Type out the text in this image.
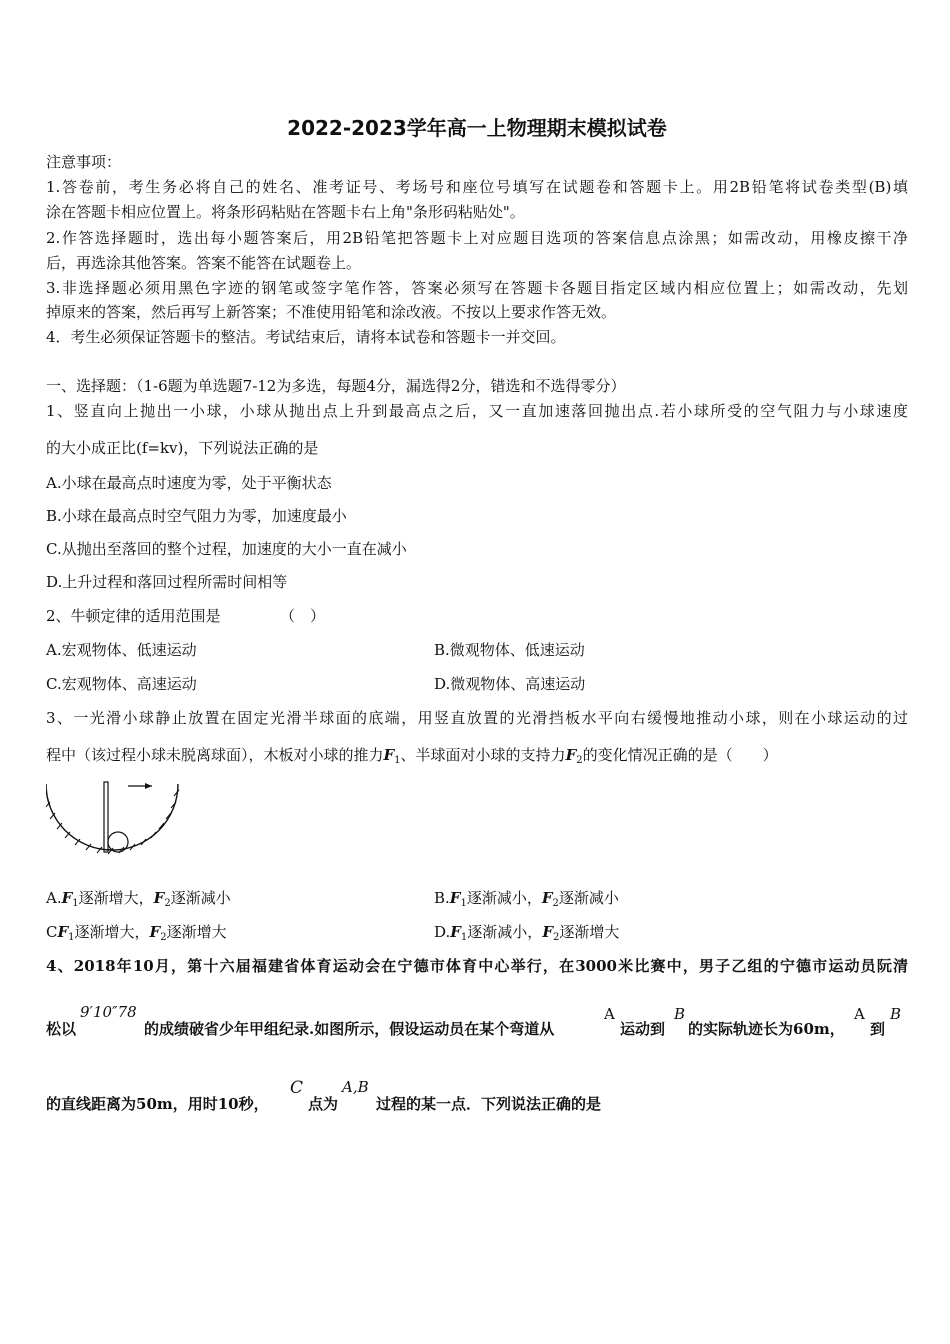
2022-2023学年高一上物理期末模拟试卷
注意事项：
1.答卷前，考生务必将自己的姓名、准考证号、考场号和座位号填写在试题卷和答题卡上。用2B铅笔将试卷类型(B)填
涂在答题卡相应位置上。将条形码粘贴在答题卡右上角"条形码粘贴处"。
2.作答选择题时，选出每小题答案后，用2B铅笔把答题卡上对应题目选项的答案信息点涂黑；如需改动，用橡皮擦干净
后，再选涂其他答案。答案不能答在试题卷上。
3.非选择题必须用黑色字迹的钢笔或签字笔作答，答案必须写在答题卡各题目指定区域内相应位置上；如需改动，先划
掉原来的答案，然后再写上新答案；不准使用铅笔和涂改液。不按以上要求作答无效。
4．考生必须保证答题卡的整洁。考试结束后，请将本试卷和答题卡一并交回。
一、选择题：（1-6题为单选题7-12为多选，每题4分，漏选得2分，错选和不选得零分）
1、竖直向上抛出一小球，小球从抛出点上升到最高点之后，又一直加速落回抛出点.若小球所受的空气阻力与小球速度
的大小成正比(f=kv)，下列说法正确的是
A.小球在最高点时速度为零，处于平衡状态
B.小球在最高点时空气阻力为零，加速度最小
C.从抛出至落回的整个过程，加速度的大小一直在减小
D.上升过程和落回过程所需时间相等
2、牛顿定律的适用范围是	（　）
A.宏观物体、低速运动	B.微观物体、低速运动
C.宏观物体、高速运动	D.微观物体、高速运动
3、一光滑小球静止放置在固定光滑半球面的底端，用竖直放置的光滑挡板水平向右缓慢地推动小球，则在小球运动的过
程中（该过程小球未脱离球面），木板对小球的推力$F_1$、半球面对小球的支持力$F_2$的变化情况正确的是（　　）
$A.F_1$逐渐增大，$F_2$逐渐减小	$B.F_1$逐渐减小，$F_2$逐渐减小
$CF_1$逐渐增大，$F_2$逐渐增大	$D.F_1$逐渐减小，$F_2$逐渐增大
4、2018年10月，第十六届福建省体育运动会在宁德市体育中心举行，在3000米比赛中，男子乙组的宁德市运动员阮清
9′10″78
松以	的成绩破省少年甲组纪录.如图所示，假设运动员在某个弯道从
A
运动到
B
的实际轨迹长为60m，
A
到
B
的直线距离为50m，用时10秒，
C
点为
A,B
过程的某一点．下列说法正确的是
